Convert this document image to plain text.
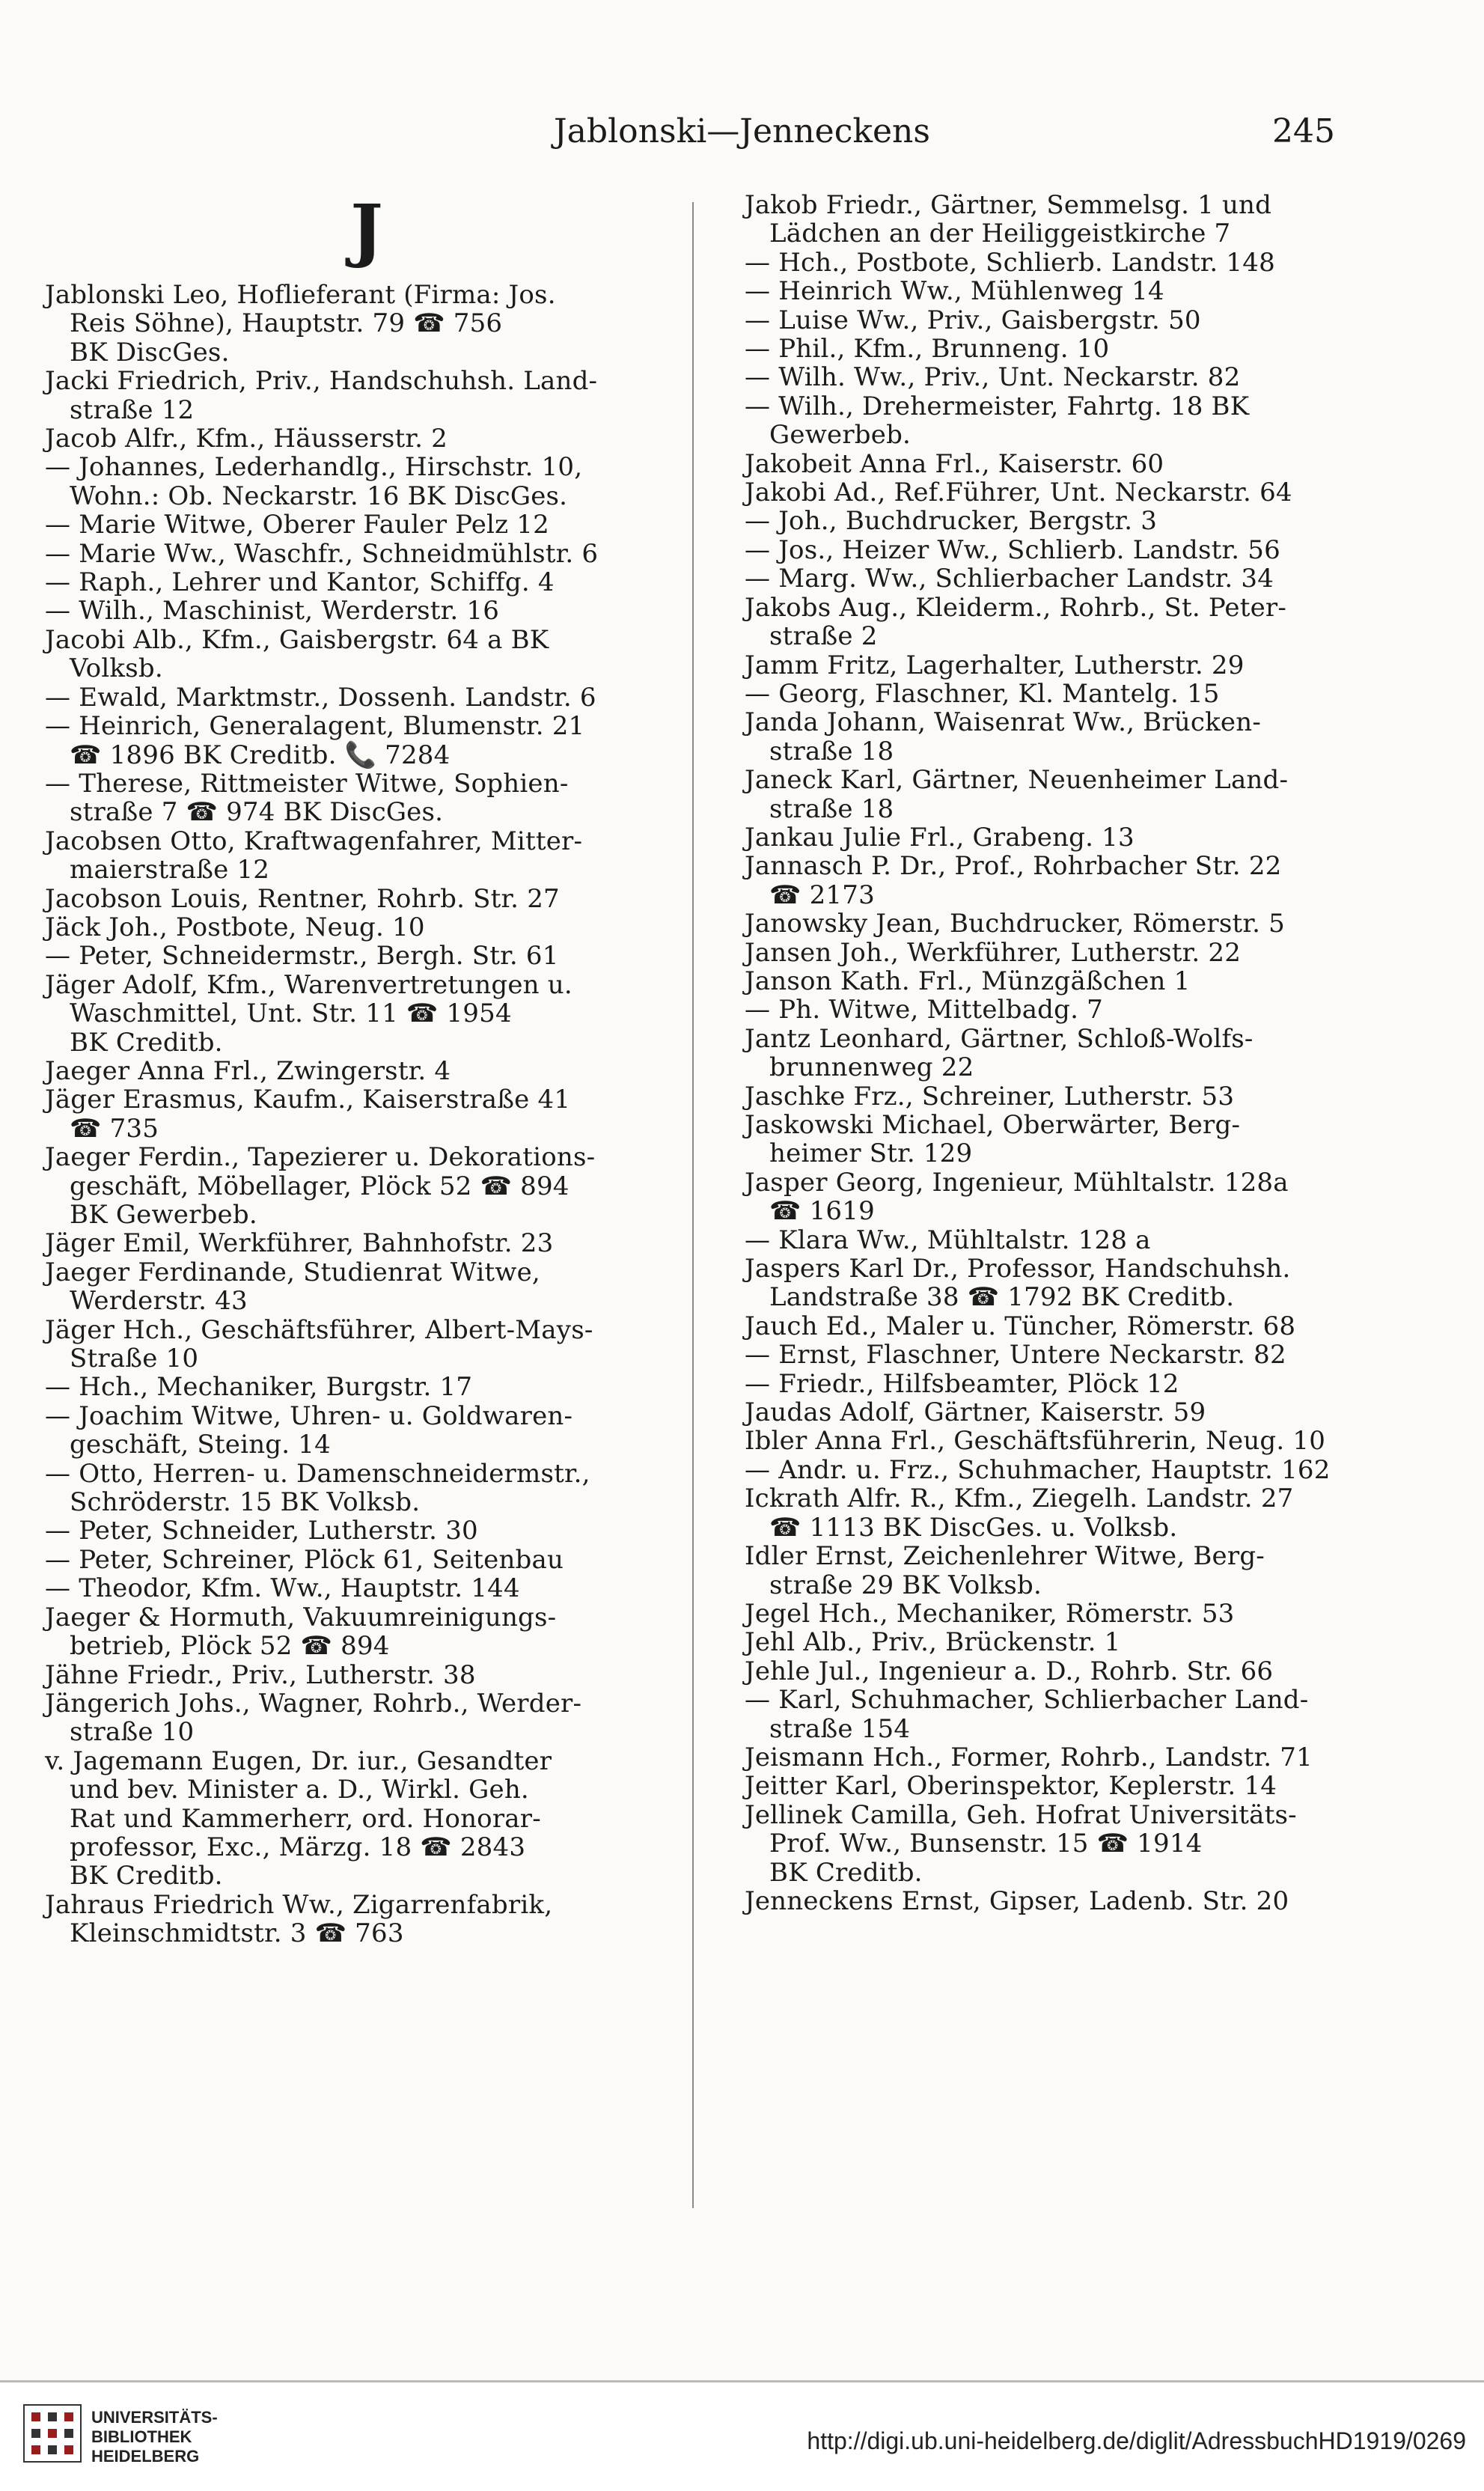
Jablonski—Jenneckens	245
J
Jablonski Leo, Hoflieferant (Firma: Jos.
Reis Söhne), Hauptstr. 79 ☎ 756
BK DiscGes.
Jacki Friedrich, Priv., Handschuhsh. Land-
straße 12
Jacob Alfr., Kfm., Häusserstr. 2
— Johannes, Lederhandlg., Hirschstr. 10,
Wohn.: Ob. Neckarstr. 16 BK DiscGes.
— Marie Witwe, Oberer Fauler Pelz 12
— Marie Ww., Waschfr., Schneidmühlstr. 6
— Raph., Lehrer und Kantor, Schiffg. 4
— Wilh., Maschinist, Werderstr. 16
Jacobi Alb., Kfm., Gaisbergstr. 64 a BK
Volksb.
— Ewald, Marktmstr., Dossenh. Landstr. 6
— Heinrich, Generalagent, Blumenstr. 21
☎ 1896 BK Creditb. 📞 7284
— Therese, Rittmeister Witwe, Sophien-
straße 7 ☎ 974 BK DiscGes.
Jacobsen Otto, Kraftwagenfahrer, Mitter-
maierstraße 12
Jacobson Louis, Rentner, Rohrb. Str. 27
Jäck Joh., Postbote, Neug. 10
— Peter, Schneidermstr., Bergh. Str. 61
Jäger Adolf, Kfm., Warenvertretungen u.
Waschmittel, Unt. Str. 11 ☎ 1954
BK Creditb.
Jaeger Anna Frl., Zwingerstr. 4
Jäger Erasmus, Kaufm., Kaiserstraße 41
☎ 735
Jaeger Ferdin., Tapezierer u. Dekorations-
geschäft, Möbellager, Plöck 52 ☎ 894
BK Gewerbeb.
Jäger Emil, Werkführer, Bahnhofstr. 23
Jaeger Ferdinande, Studienrat Witwe,
Werderstr. 43
Jäger Hch., Geschäftsführer, Albert-Mays-
Straße 10
— Hch., Mechaniker, Burgstr. 17
— Joachim Witwe, Uhren- u. Goldwaren-
geschäft, Steing. 14
— Otto, Herren- u. Damenschneidermstr.,
Schröderstr. 15 BK Volksb.
— Peter, Schneider, Lutherstr. 30
— Peter, Schreiner, Plöck 61, Seitenbau
— Theodor, Kfm. Ww., Hauptstr. 144
Jaeger & Hormuth, Vakuumreinigungs-
betrieb, Plöck 52 ☎ 894
Jähne Friedr., Priv., Lutherstr. 38
Jängerich Johs., Wagner, Rohrb., Werder-
straße 10
v. Jagemann Eugen, Dr. iur., Gesandter
und bev. Minister a. D., Wirkl. Geh.
Rat und Kammerherr, ord. Honorar-
professor, Exc., Märzg. 18 ☎ 2843
BK Creditb.
Jahraus Friedrich Ww., Zigarrenfabrik,
Kleinschmidtstr. 3 ☎ 763
Jakob Friedr., Gärtner, Semmelsg. 1 und
Lädchen an der Heiliggeistkirche 7
— Hch., Postbote, Schlierb. Landstr. 148
— Heinrich Ww., Mühlenweg 14
— Luise Ww., Priv., Gaisbergstr. 50
— Phil., Kfm., Brunneng. 10
— Wilh. Ww., Priv., Unt. Neckarstr. 82
— Wilh., Drehermeister, Fahrtg. 18 BK
Gewerbeb.
Jakobeit Anna Frl., Kaiserstr. 60
Jakobi Ad., Ref.Führer, Unt. Neckarstr. 64
— Joh., Buchdrucker, Bergstr. 3
— Jos., Heizer Ww., Schlierb. Landstr. 56
— Marg. Ww., Schlierbacher Landstr. 34
Jakobs Aug., Kleiderm., Rohrb., St. Peter-
straße 2
Jamm Fritz, Lagerhalter, Lutherstr. 29
— Georg, Flaschner, Kl. Mantelg. 15
Janda Johann, Waisenrat Ww., Brücken-
straße 18
Janeck Karl, Gärtner, Neuenheimer Land-
straße 18
Jankau Julie Frl., Grabeng. 13
Jannasch P. Dr., Prof., Rohrbacher Str. 22
☎ 2173
Janowsky Jean, Buchdrucker, Römerstr. 5
Jansen Joh., Werkführer, Lutherstr. 22
Janson Kath. Frl., Münzgäßchen 1
— Ph. Witwe, Mittelbadg. 7
Jantz Leonhard, Gärtner, Schloß-Wolfs-
brunnenweg 22
Jaschke Frz., Schreiner, Lutherstr. 53
Jaskowski Michael, Oberwärter, Berg-
heimer Str. 129
Jasper Georg, Ingenieur, Mühltalstr. 128a
☎ 1619
— Klara Ww., Mühltalstr. 128 a
Jaspers Karl Dr., Professor, Handschuhsh.
Landstraße 38 ☎ 1792 BK Creditb.
Jauch Ed., Maler u. Tüncher, Römerstr. 68
— Ernst, Flaschner, Untere Neckarstr. 82
— Friedr., Hilfsbeamter, Plöck 12
Jaudas Adolf, Gärtner, Kaiserstr. 59
Ibler Anna Frl., Geschäftsführerin, Neug. 10
— Andr. u. Frz., Schuhmacher, Hauptstr. 162
Ickrath Alfr. R., Kfm., Ziegelh. Landstr. 27
☎ 1113 BK DiscGes. u. Volksb.
Idler Ernst, Zeichenlehrer Witwe, Berg-
straße 29 BK Volksb.
Jegel Hch., Mechaniker, Römerstr. 53
Jehl Alb., Priv., Brückenstr. 1
Jehle Jul., Ingenieur a. D., Rohrb. Str. 66
— Karl, Schuhmacher, Schlierbacher Land-
straße 154
Jeismann Hch., Former, Rohrb., Landstr. 71
Jeitter Karl, Oberinspektor, Keplerstr. 14
Jellinek Camilla, Geh. Hofrat Universitäts-
Prof. Ww., Bunsenstr. 15 ☎ 1914
BK Creditb.
Jenneckens Ernst, Gipser, Ladenb. Str. 20
UNIVERSITÄTS-
BIBLIOTHEK
HEIDELBERG
http://digi.ub.uni-heidelberg.de/diglit/AdressbuchHD1919/0269
